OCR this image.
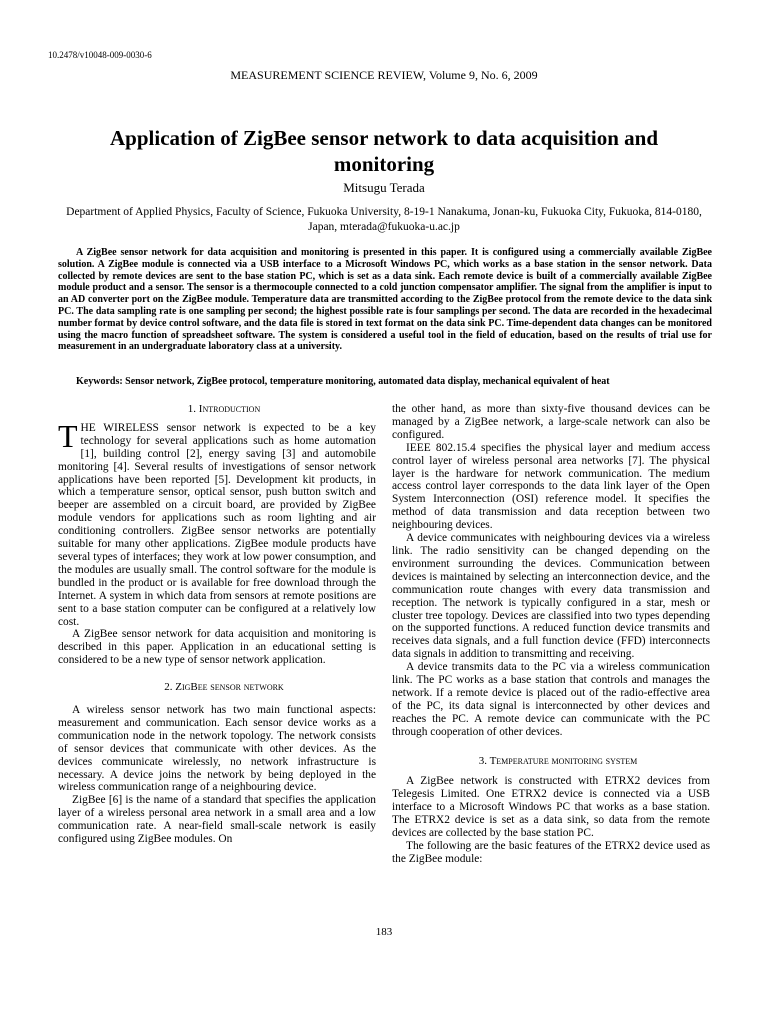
10.2478/v10048-009-0030-6
MEASUREMENT SCIENCE REVIEW, Volume 9, No. 6, 2009
Application of ZigBee sensor network to data acquisition and monitoring
Mitsugu Terada
Department of Applied Physics, Faculty of Science, Fukuoka University, 8-19-1 Nanakuma, Jonan-ku, Fukuoka City, Fukuoka, 814-0180, Japan, mterada@fukuoka-u.ac.jp
A ZigBee sensor network for data acquisition and monitoring is presented in this paper. It is configured using a commercially available ZigBee solution. A ZigBee module is connected via a USB interface to a Microsoft Windows PC, which works as a base station in the sensor network. Data collected by remote devices are sent to the base station PC, which is set as a data sink. Each remote device is built of a commercially available ZigBee module product and a sensor. The sensor is a thermocouple connected to a cold junction compensator amplifier. The signal from the amplifier is input to an AD converter port on the ZigBee module. Temperature data are transmitted according to the ZigBee protocol from the remote device to the data sink PC. The data sampling rate is one sampling per second; the highest possible rate is four samplings per second. The data are recorded in the hexadecimal number format by device control software, and the data file is stored in text format on the data sink PC. Time-dependent data changes can be monitored using the macro function of spreadsheet software. The system is considered a useful tool in the field of education, based on the results of trial use for measurement in an undergraduate laboratory class at a university.
Keywords: Sensor network, ZigBee protocol, temperature monitoring, automated data display, mechanical equivalent of heat

1. Introduction

THE WIRELESS sensor network is expected to be a key technology for several applications such as home automation [1], building control [2], energy saving [3] and automobile monitoring [4]. Several results of investigations of sensor network applications have been reported [5]. Development kit products, in which a temperature sensor, optical sensor, push button switch and beeper are assembled on a circuit board, are provided by ZigBee module vendors for applications such as room lighting and air conditioning controllers. ZigBee sensor networks are potentially suitable for many other applications. ZigBee module products have several types of interfaces; they work at low power consumption, and the modules are usually small. The control software for the module is bundled in the product or is available for free download through the Internet. A system in which data from sensors at remote positions are sent to a base station computer can be configured at a relatively low cost.

A ZigBee sensor network for data acquisition and monitoring is described in this paper. Application in an educational setting is considered to be a new type of sensor network application.

2. ZigBee sensor network

A wireless sensor network has two main functional aspects: measurement and communication. Each sensor device works as a communication node in the network topology. The network consists of sensor devices that communicate with other devices. As the devices communicate wirelessly, no network infrastructure is necessary. A device joins the network by being deployed in the wireless communication range of a neighbouring device.

ZigBee [6] is the name of a standard that specifies the application layer of a wireless personal area network in a small area and a low communication rate. A near-field small-scale network is easily configured using ZigBee modules. On

the other hand, as more than sixty-five thousand devices can be managed by a ZigBee network, a large-scale network can also be configured.

IEEE 802.15.4 specifies the physical layer and medium access control layer of wireless personal area networks [7]. The physical layer is the hardware for network communication. The medium access control layer corresponds to the data link layer of the Open System Interconnection (OSI) reference model. It specifies the method of data transmission and data reception between two neighbouring devices.

A device communicates with neighbouring devices via a wireless link. The radio sensitivity can be changed depending on the environment surrounding the devices. Communication between devices is maintained by selecting an interconnection device, and the communication route changes with every data transmission and reception. The network is typically configured in a star, mesh or cluster tree topology. Devices are classified into two types depending on the supported functions. A reduced function device transmits and receives data signals, and a full function device (FFD) interconnects data signals in addition to transmitting and receiving.

A device transmits data to the PC via a wireless communication link. The PC works as a base station that controls and manages the network. If a remote device is placed out of the radio-effective area of the PC, its data signal is interconnected by other devices and reaches the PC. A remote device can communicate with the PC through cooperation of other devices.

3. Temperature monitoring system

A ZigBee network is constructed with ETRX2 devices from Telegesis Limited. One ETRX2 device is connected via a USB interface to a Microsoft Windows PC that works as a base station. The ETRX2 device is set as a data sink, so data from the remote devices are collected by the base station PC.

The following are the basic features of the ETRX2 device used as the ZigBee module:

183
